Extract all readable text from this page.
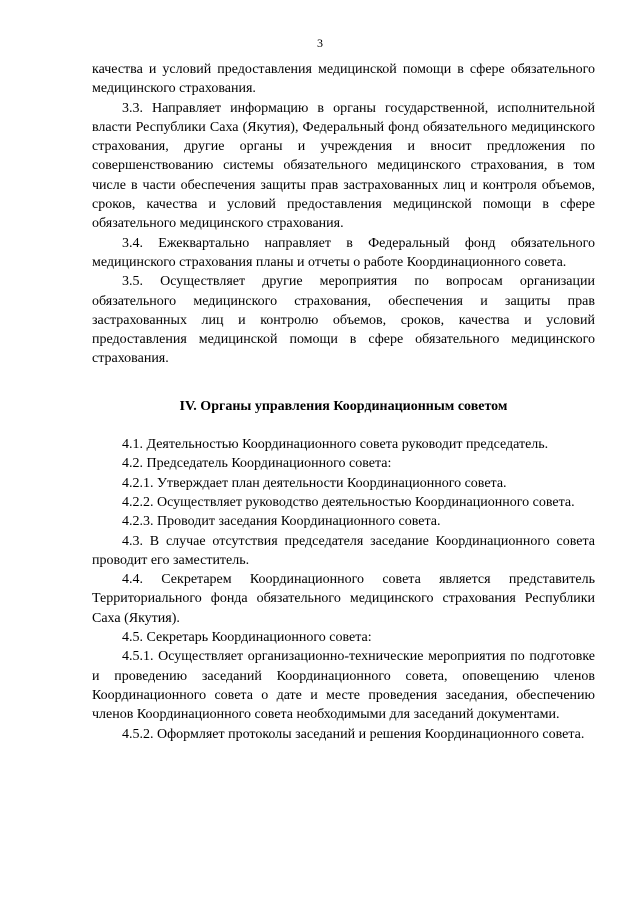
3

качества и условий предоставления медицинской помощи в сфере обязательного медицинского страхования.

3.3. Направляет информацию в органы государственной, исполнительной власти Республики Саха (Якутия), Федеральный фонд обязательного медицинского страхования, другие органы и учреждения и вносит предложения по совершенствованию системы обязательного медицинского страхования, в том числе в части обеспечения защиты прав застрахованных лиц и контроля объемов, сроков, качества и условий предоставления медицинской помощи в сфере обязательного медицинского страхования.

3.4. Ежеквартально направляет в Федеральный фонд обязательного медицинского страхования планы и отчеты о работе Координационного совета.

3.5. Осуществляет другие мероприятия по вопросам организации обязательного медицинского страхования, обеспечения и защиты прав застрахованных лиц и контролю объемов, сроков, качества и условий предоставления медицинской помощи в сфере обязательного медицинского страхования.

IV. Органы управления Координационным советом

4.1. Деятельностью Координационного совета руководит председатель.

4.2. Председатель Координационного совета:

4.2.1. Утверждает план деятельности Координационного совета.

4.2.2. Осуществляет руководство деятельностью Координационного совета.

4.2.3. Проводит заседания Координационного совета.

4.3. В случае отсутствия председателя заседание Координационного совета проводит его заместитель.

4.4. Секретарем Координационного совета является представитель Территориального фонда обязательного медицинского страхования Республики Саха (Якутия).

4.5. Секретарь Координационного совета:

4.5.1. Осуществляет организационно-технические мероприятия по подготовке и проведению заседаний Координационного совета, оповещению членов Координационного совета о дате и месте проведения заседания, обеспечению членов Координационного совета необходимыми для заседаний документами.

4.5.2. Оформляет протоколы заседаний и решения Координационного совета.
